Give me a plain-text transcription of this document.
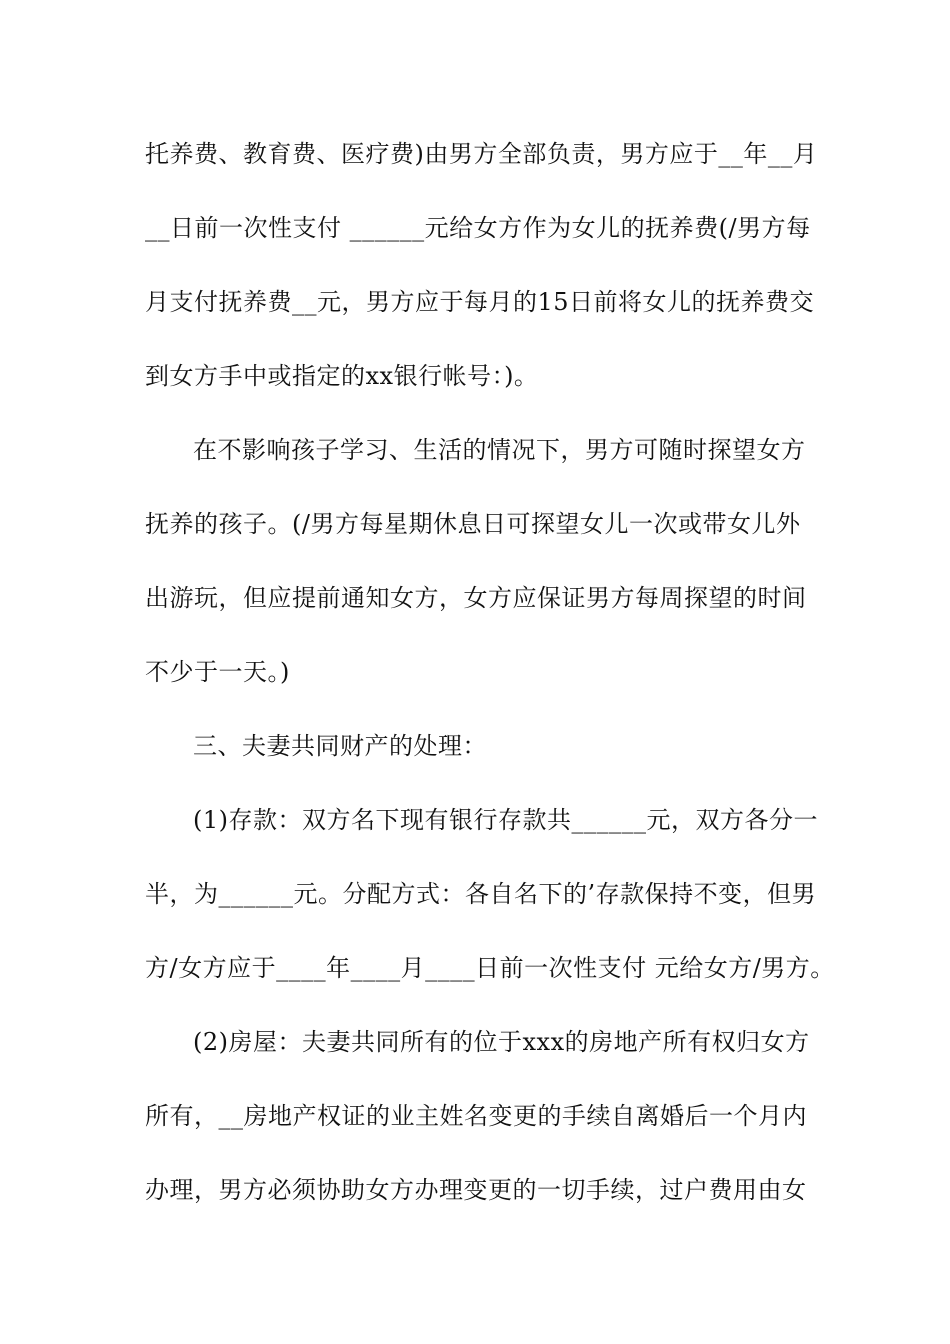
托养费、教育费、医疗费)由男方全部负责，男方应于__年__月
__日前一次性支付 ______元给女方作为女儿的抚养费(/男方每
月支付抚养费__元，男方应于每月的15日前将女儿的抚养费交
到女方手中或指定的xx银行帐号：)。
在不影响孩子学习、生活的情况下，男方可随时探望女方
抚养的孩子。(/男方每星期休息日可探望女儿一次或带女儿外
出游玩，但应提前通知女方，女方应保证男方每周探望的时间
不少于一天。)
三、夫妻共同财产的处理：
(1)存款：双方名下现有银行存款共______元，双方各分一
半，为______元。分配方式：各自名下的’存款保持不变，但男
方/女方应于____年____月____日前一次性支付 元给女方/男方。
(2)房屋：夫妻共同所有的位于xxx的房地产所有权归女方
所有，__房地产权证的业主姓名变更的手续自离婚后一个月内
办理，男方必须协助女方办理变更的一切手续，过户费用由女
